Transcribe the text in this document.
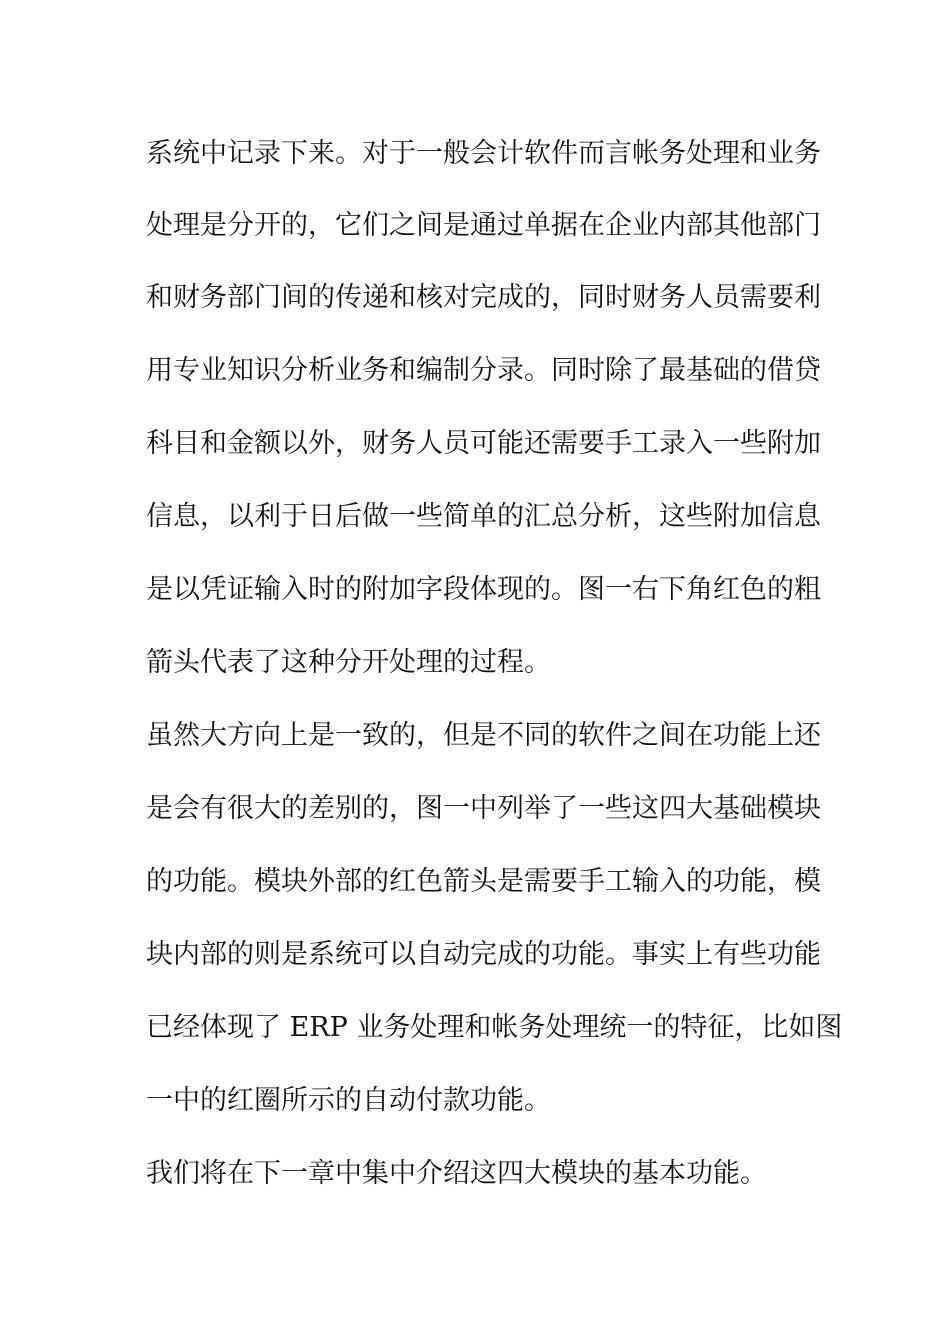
系统中记录下来。对于一般会计软件而言帐务处理和业务
处理是分开的，它们之间是通过单据在企业内部其他部门
和财务部门间的传递和核对完成的，同时财务人员需要利
用专业知识分析业务和编制分录。同时除了最基础的借贷
科目和金额以外，财务人员可能还需要手工录入一些附加
信息，以利于日后做一些简单的汇总分析，这些附加信息
是以凭证输入时的附加字段体现的。图一右下角红色的粗
箭头代表了这种分开处理的过程。
虽然大方向上是一致的，但是不同的软件之间在功能上还
是会有很大的差别的，图一中列举了一些这四大基础模块
的功能。模块外部的红色箭头是需要手工输入的功能，模
块内部的则是系统可以自动完成的功能。事实上有些功能
已经体现了 ERP 业务处理和帐务处理统一的特征，比如图
一中的红圈所示的自动付款功能。
我们将在下一章中集中介绍这四大模块的基本功能。
